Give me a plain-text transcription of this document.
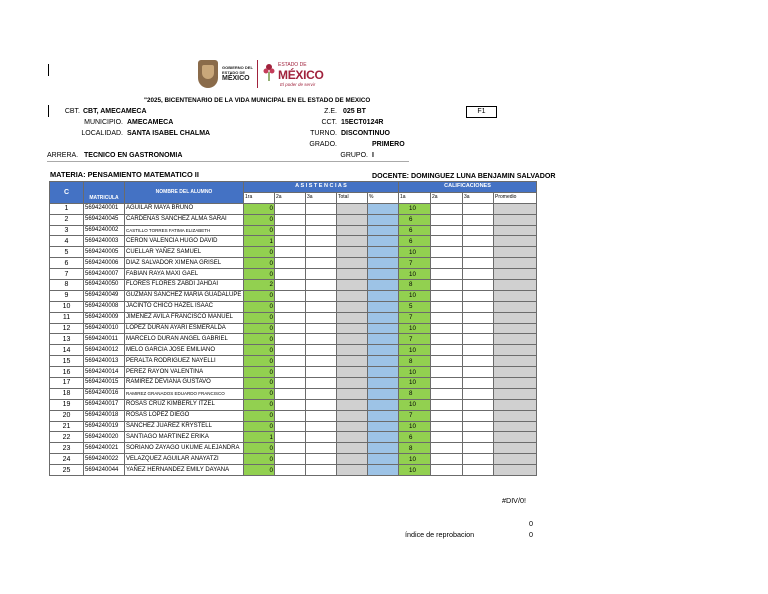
GOBIERNO DEL
ESTADO DE
MÉXICO
ESTADO DE
MÉXICO
El poder de servir
"2025, BICENTENARIO DE LA VIDA MUNICIPAL EN EL ESTADO DE MEXICO
CBT. CBT, AMECAMECA	Z.E. 025 BT	F1
MUNICIPIO. AMECAMECA	CCT. 15ECT0124R
LOCALIDAD. SANTA ISABEL CHALMA	TURNO. DISCONTINUO
GRADO.	PRIMERO
ARRERA. TECNICO EN GASTRONOMIA	GRUPO. I
MATERIA: PENSAMIENTO MATEMATICO II	DOCENTE: DOMINGUEZ LUNA BENJAMIN SALVADOR
C	MATRICULA	NOMBRE DEL ALUMNO	A S I S T E N C I A S					CALIFICACIONES			
			1ra	2a	3a	Total	%	1a	2a	3a	Promedio
1	5694240001	AGUILAR MAYA BRUNO	0					10			
2	5694240045	CARDENAS SANCHEZ ALMA SARAI	0					6			
3	5694240002	CASTILLO TORRES FATIMA ELIZABETH	0					6			
4	5694240003	CERON VALENCIA HUGO DAVID	1					6			
5	5694240005	CUELLAR YAÑEZ SAMUEL	0					10			
6	5694240006	DIAZ SALVADOR XIMENA GRISEL	0					7			
7	5694240007	FABIAN RAYA MAXI GAEL	0					10			
8	5694240050	FLORES FLORES ZABDI JAHDAI	2					8			
9	5694240049	GUZMAN SANCHEZ MARIA GUADALUPE	0					10			
10	5694240008	JACINTO CHICO HAZEL ISAAC	0					5			
11	5694240009	JIMENEZ AVILA FRANCISCO MANUEL	0					7			
12	5694240010	LOPEZ DURAN AYARI ESMERALDA	0					10			
13	5694240011	MARCELO DURAN ANGEL GABRIEL	0					7			
14	5694240012	MELO GARCIA JOSE EMILIANO	0					10			
15	5694240013	PERALTA RODRIGUEZ NAYELLI	0					8			
16	5694240014	PEREZ RAYON VALENTINA	0					10			
17	5694240015	RAMIREZ DEVIANA GUSTAVO	0					10			
18	5694240016	RAMIREZ GRANADOS EDUARDO FRANCISCO	0					8			
19	5694240017	ROSAS CRUZ KIMBERLY ITZEL	0					10			
20	5694240018	ROSAS LOPEZ DIEGO	0					7			
21	5694240019	SANCHEZ JUAREZ KRYSTELL	0					10			
22	5694240020	SANTIAGO MARTINEZ ERIKA	1					6			
23	5694240021	SORIANO ZAYAGO UKUME ALEJANDRA	0					8			
24	5694240022	VELAZQUEZ AGUILAR ANAYATZI	0					10			
25	5694240044	YAÑEZ HERNANDEZ EMILY DAYANA	0					10			
#DIV/0!
0
índice de reprobacion	0
